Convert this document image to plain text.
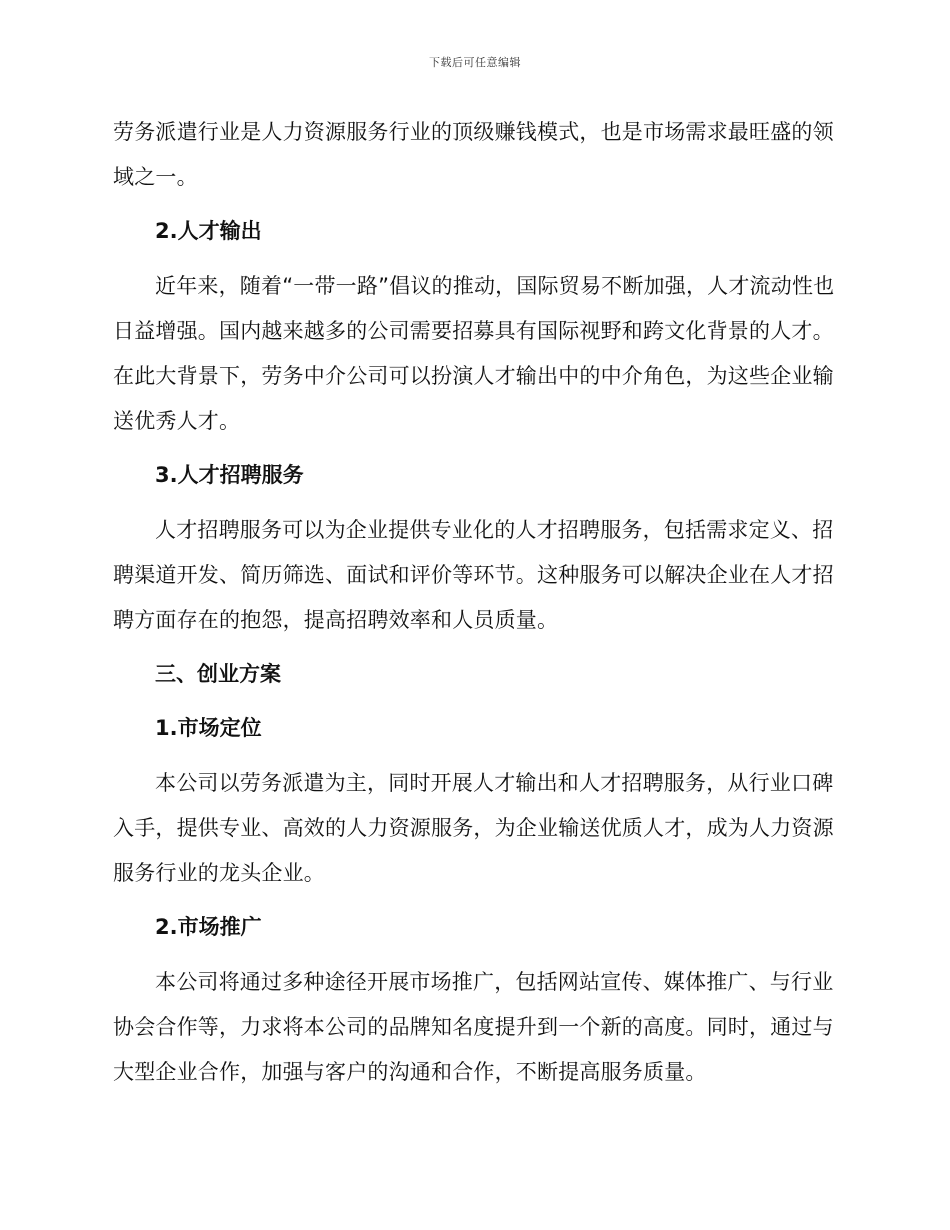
下载后可任意编辑

劳务派遣行业是人力资源服务行业的顶级赚钱模式，也是市场需求最旺盛的领域之一。

2.人才输出

近年来，随着“一带一路”倡议的推动，国际贸易不断加强，人才流动性也日益增强。国内越来越多的公司需要招募具有国际视野和跨文化背景的人才。在此大背景下，劳务中介公司可以扮演人才输出中的中介角色，为这些企业输送优秀人才。

3.人才招聘服务

人才招聘服务可以为企业提供专业化的人才招聘服务，包括需求定义、招聘渠道开发、简历筛选、面试和评价等环节。这种服务可以解决企业在人才招聘方面存在的抱怨，提高招聘效率和人员质量。

三、创业方案
1.市场定位

本公司以劳务派遣为主，同时开展人才输出和人才招聘服务，从行业口碑入手，提供专业、高效的人力资源服务，为企业输送优质人才，成为人力资源服务行业的龙头企业。

2.市场推广

本公司将通过多种途径开展市场推广，包括网站宣传、媒体推广、与行业协会合作等，力求将本公司的品牌知名度提升到一个新的高度。同时，通过与大型企业合作，加强与客户的沟通和合作，不断提高服务质量。
